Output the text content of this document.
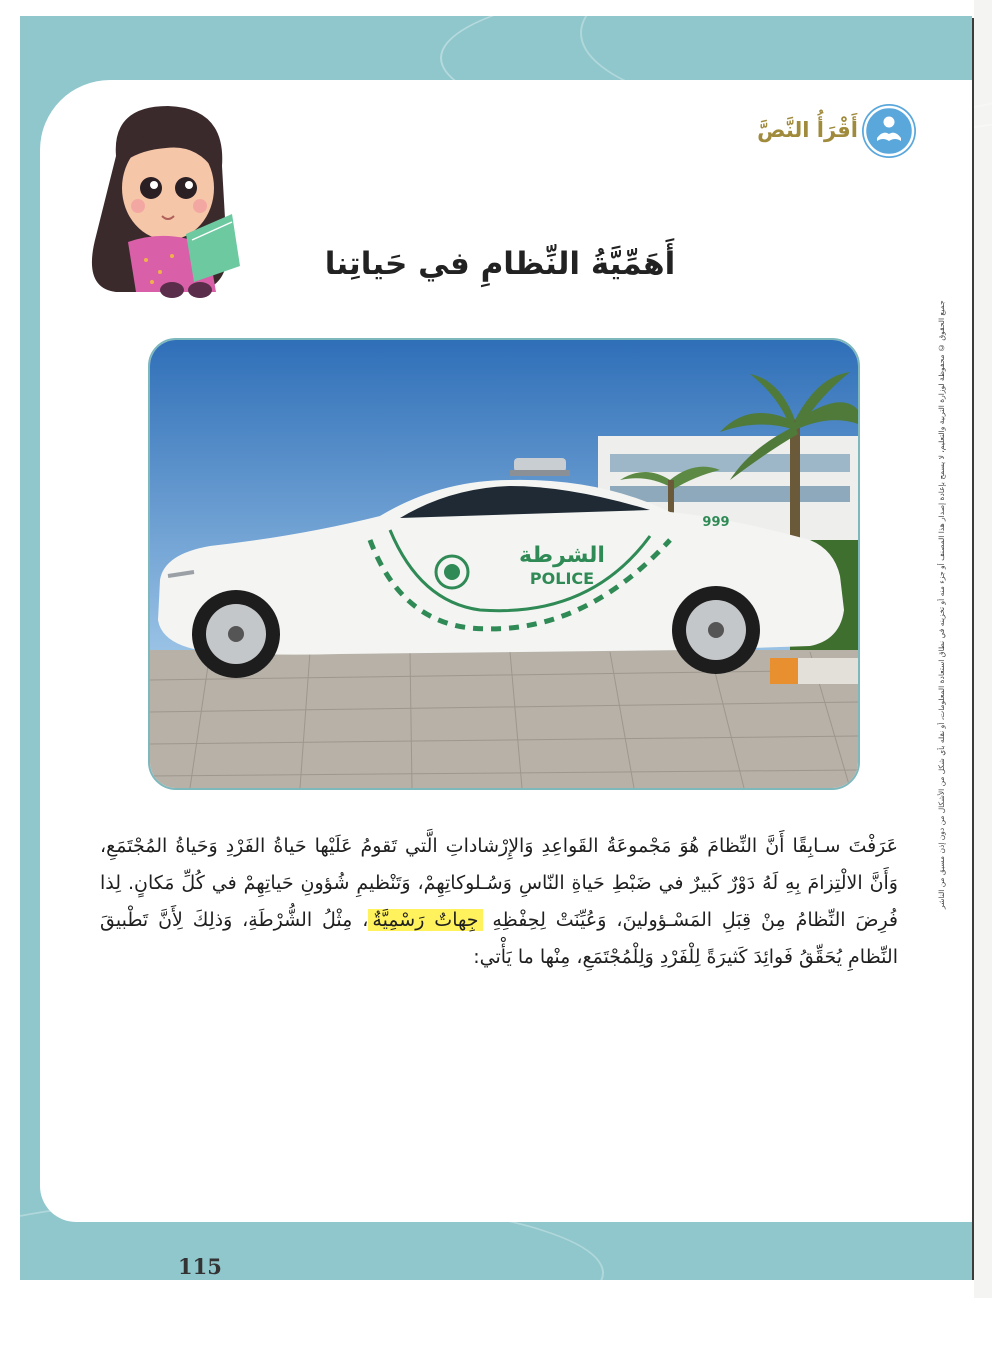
جميع الحقوق © محفوظة لوزارة التربية والتعليم، لا يسمح بإعادة إصدار هذا المصنف أو جزء منه أو تخزينه في نطاق استعادة المعلومات، أو نقله بأي شكل من الأشكال من دون إذن مسبق من الناشر
أَقْرَأُ النَّصَّ
أَهَمِّيَّةُ النِّظامِ في حَياتِنا
الشرطة
POLICE
999
عَرَفْتَ سـابِقًا أَنَّ النِّظامَ هُوَ مَجْموعَةُ القَواعِدِ وَالإِرْشاداتِ الَّتي تَقومُ عَلَيْها حَياةُ الفَرْدِ وَحَياةُ المُجْتَمَعِ، وَأَنَّ الالْتِزامَ بِهِ لَهُ دَوْرٌ كَبيرٌ في ضَبْطِ حَياةِ النّاسِ وَسُـلوكاتِهِمْ، وَتَنْظيمِ شُؤونِ حَياتِهِمْ في كُلِّ مَكانٍ. لِذا فُرِضَ النِّظامُ مِنْ قِبَلِ المَسْـؤولينَ، وَعُيِّنَتْ لِحِفْظِهِ جِهاتٌ رَسْمِيَّةٌ، مِثْلُ الشُّرْطَةِ، وَذلِكَ لِأَنَّ تَطْبيقَ النِّظامِ يُحَقِّقُ فَوائِدَ كَثيرَةً لِلْفَرْدِ وَلِلْمُجْتَمَعِ، مِنْها ما يَأْتي:
115
